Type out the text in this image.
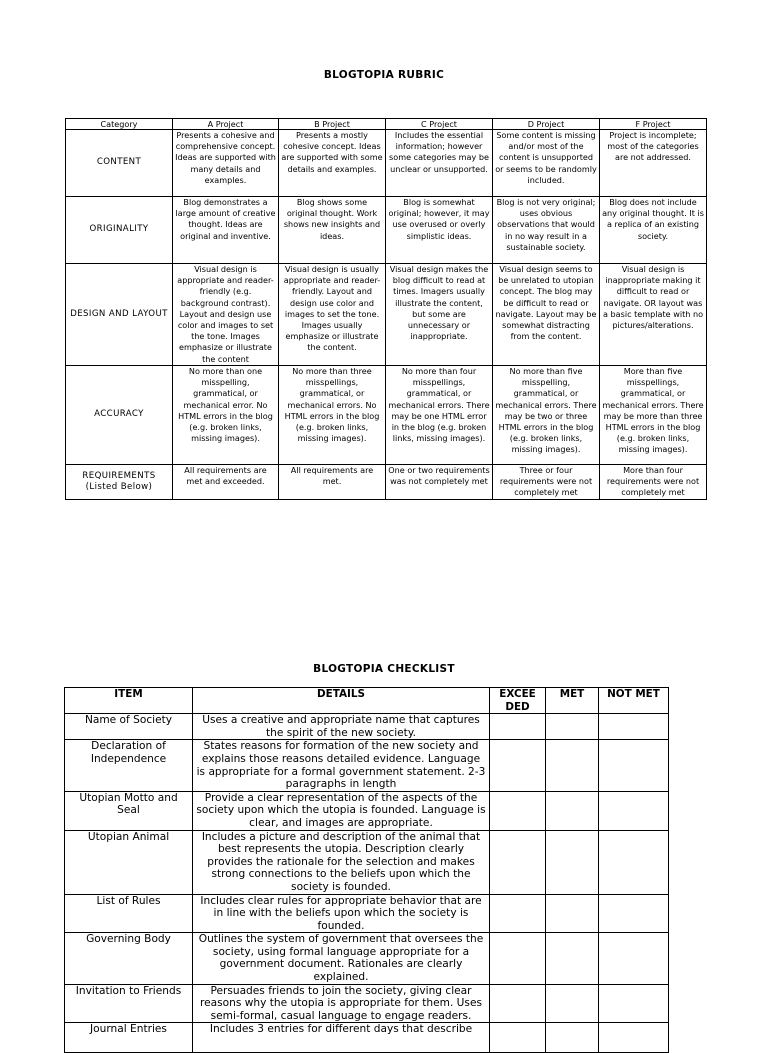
BLOGTOPIA RUBRIC
Category	A Project	B Project	C Project	D Project	F Project
CONTENT	Presents a cohesive and comprehensive concept. Ideas are supported with many details and examples.	Presents a mostly cohesive concept. Ideas are supported with some details and examples.	Includes the essential information; however some categories may be unclear or unsupported.	Some content is missing and/or most of the content is unsupported or seems to be randomly included.	Project is incomplete; most of the categories are not addressed.
ORIGINALITY	Blog demonstrates a large amount of creative thought. Ideas are original and inventive.	Blog shows some original thought. Work shows new insights and ideas.	Blog is somewhat original; however, it may use overused or overly simplistic ideas.	Blog is not very original; uses obvious observations that would in no way result in a sustainable society.	Blog does not include any original thought. It is a replica of an existing society.
DESIGN AND LAYOUT	Visual design is appropriate and reader-friendly (e.g. background contrast). Layout and design use color and images to set the tone. Images emphasize or illustrate the content	Visual design is usually appropriate and reader-friendly. Layout and design use color and images to set the tone. Images usually emphasize or illustrate the content.	Visual design makes the blog difficult to read at times. Imagers usually illustrate the content, but some are unnecessary or inappropriate.	Visual design seems to be unrelated to utopian concept. The blog may be difficult to read or navigate. Layout may be somewhat distracting from the content.	Visual design is inappropriate making it difficult to read or navigate. OR layout was a basic template with no pictures/alterations.
ACCURACY	No more than one misspelling, grammatical, or mechanical error. No HTML errors in the blog (e.g. broken links, missing images).	No more than three misspellings, grammatical, or mechanical errors. No HTML errors in the blog (e.g. broken links, missing images).	No more than four misspellings, grammatical, or mechanical errors. There may be one HTML error in the blog (e.g. broken links, missing images).	No more than five misspelling, grammatical, or mechanical errors. There may be two or three HTML errors in the blog (e.g. broken links, missing images).	More than five misspellings, grammatical, or mechanical errors. There may be more than three HTML errors in the blog (e.g. broken links, missing images).
REQUIREMENTS (Listed Below)	All requirements are met and exceeded.	All requirements are met.	One or two requirements was not completely met	Three or four requirements were not completely met	More than four requirements were not completely met
BLOGTOPIA CHECKLIST
ITEM	DETAILS	EXCEE DED	MET	NOT MET
Name of Society	Uses a creative and appropriate name that captures the spirit of the new society.			
Declaration of Independence	States reasons for formation of the new society and explains those reasons detailed evidence. Language is appropriate for a formal government statement. 2-3 paragraphs in length			
Utopian Motto and Seal	Provide a clear representation of the aspects of the society upon which the utopia is founded. Language is clear, and images are appropriate.			
Utopian Animal	Includes a picture and description of the animal that best represents the utopia. Description clearly provides the rationale for the selection and makes strong connections to the beliefs upon which the society is founded.			
List of Rules	Includes clear rules for appropriate behavior that are in line with the beliefs upon which the society is founded.			
Governing Body	Outlines the system of government that oversees the society, using formal language appropriate for a government document. Rationales are clearly explained.			
Invitation to Friends	Persuades friends to join the society, giving clear reasons why the utopia is appropriate for them. Uses semi-formal, casual language to engage readers.			
Journal Entries	Includes 3 entries for different days that describe			
